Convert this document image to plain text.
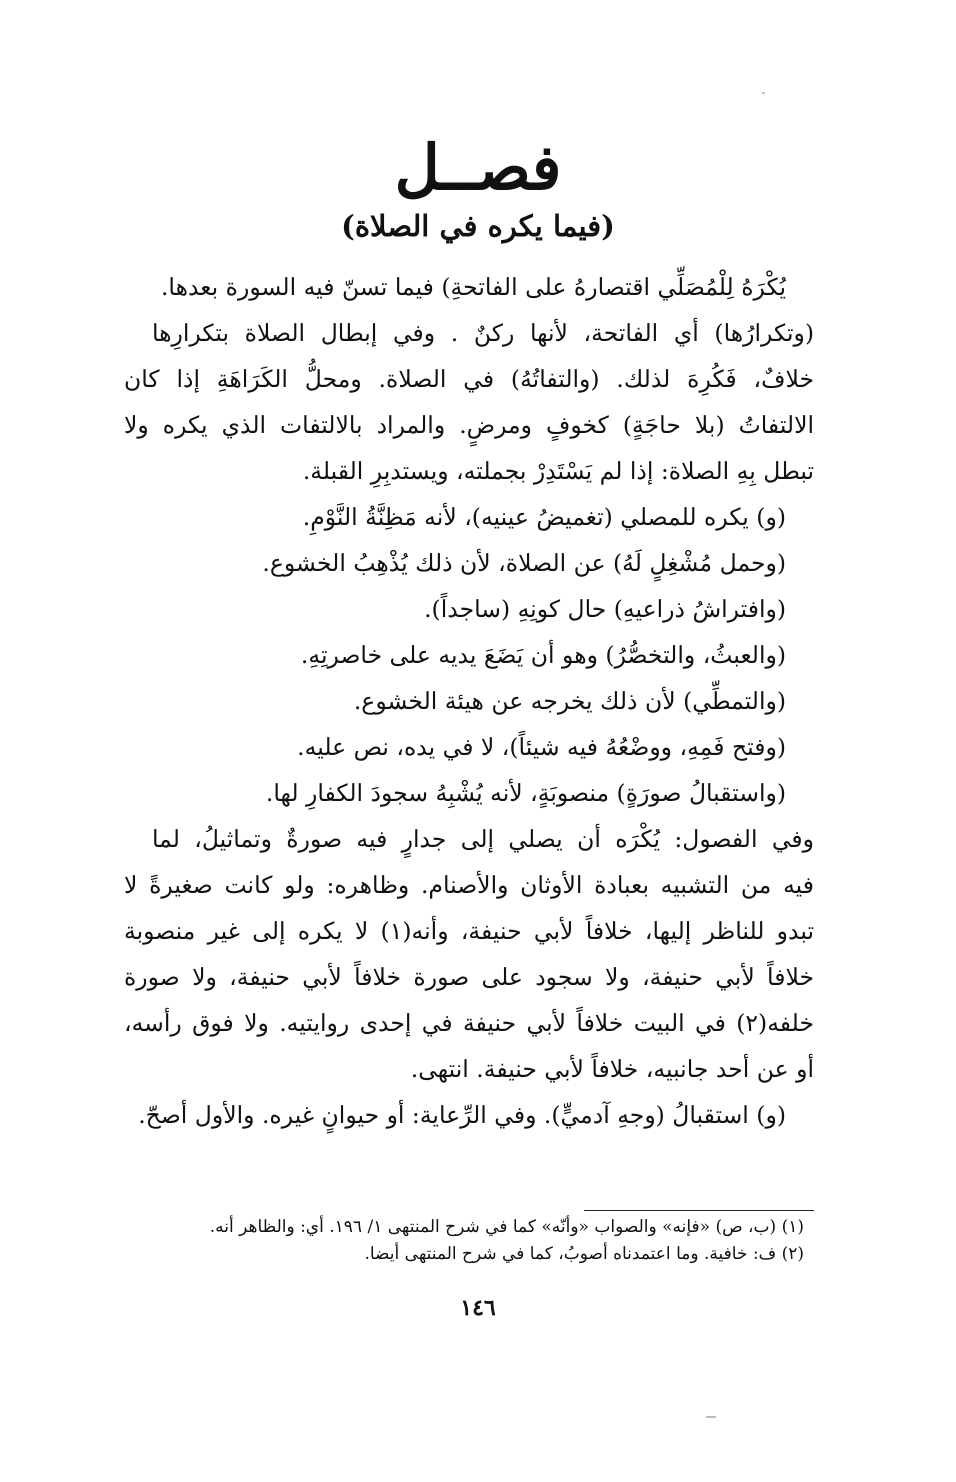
فصــل
(فيما يكره في الصلاة)
يُكْرَهُ لِلْمُصَلِّي اقتصارهُ على الفاتحةِ) فيما تسنّ فيه السورة بعدها.
(وتكرارُها) أي الفاتحة، لأنها ركنٌ . وفي إبطال الصلاة بتكرارِها
خلافٌ، فَكُرِهَ لذلك. (والتفاتُهُ) في الصلاة. ومحلُّ الكَرَاهَةِ إذا كان
الالتفاتُ (بلا حاجَةٍ) كخوفٍ ومرضٍ. والمراد بالالتفات الذي يكره ولا
تبطل بِهِ الصلاة: إذا لم يَسْتَدِرْ بجملته، ويستدبِرِ القبلة.
(و) يكره للمصلي (تغميضُ عينيه)، لأنه مَظِنَّةُ النَّوْمِ.
(وحمل مُشْغِلٍ لَهُ) عن الصلاة، لأن ذلك يُذْهِبُ الخشوع.
(وافتراشُ ذراعيهِ) حال كونِهِ (ساجداً).
(والعبثُ، والتخصُّرُ) وهو أن يَضَعَ يديه على خاصرتِهِ.
(والتمطِّي) لأن ذلك يخرجه عن هيئة الخشوع.
(وفتح فَمِهِ، ووضْعُهُ فيه شيئاً)، لا في يده، نص عليه.
(واستقبالُ صورَةٍ) منصوبَةٍ، لأنه يُشْبِهُ سجودَ الكفارِ لها.
وفي الفصول: يُكْرَه أن يصلي إلى جدارٍ فيه صورةٌ وتماثيلُ، لما
فيه من التشبيه بعبادة الأوثان والأصنام. وظاهره: ولو كانت صغيرةً لا
تبدو للناظر إليها، خلافاً لأبي حنيفة، وأنه(١) لا يكره إلى غير منصوبة
خلافاً لأبي حنيفة، ولا سجود على صورة خلافاً لأبي حنيفة، ولا صورة
خلفه(٢) في البيت خلافاً لأبي حنيفة في إحدى روايتيه. ولا فوق رأسه،
أو عن أحد جانبيه، خلافاً لأبي حنيفة. انتهى.
(و) استقبالُ (وجهِ آدميٍّ). وفي الرِّعاية: أو حيوانٍ غيره. والأول أصحّ.
(١) (ب، ص) «فإنه» والصواب «وأنّه» كما في شرح المنتهى ١/ ١٩٦. أي: والظاهر أنه.
(٢) ف: خافية. وما اعتمدناه أصوبُ، كما في شرح المنتهى أيضا.
١٤٦
